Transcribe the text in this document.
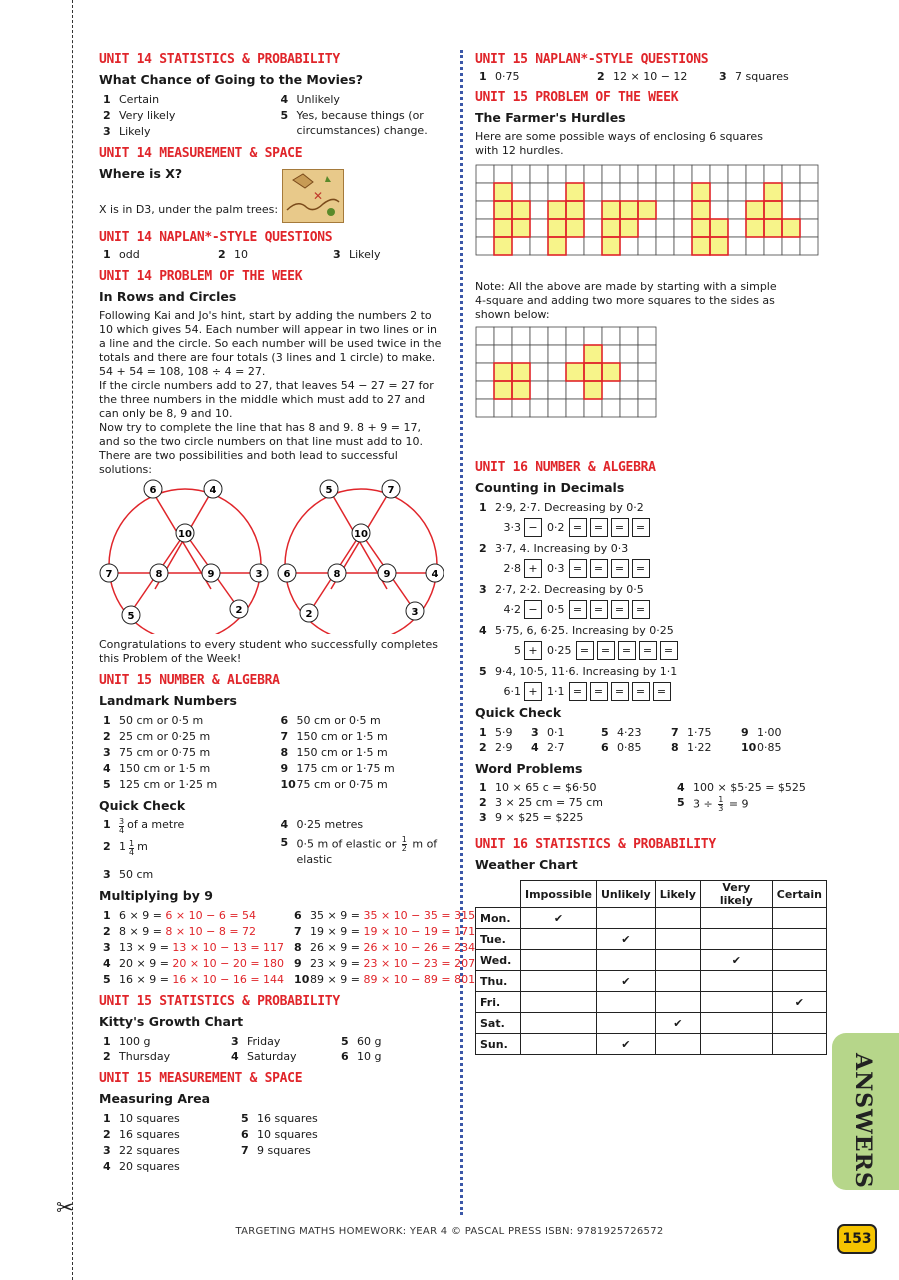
✂
UNIT 14 STATISTICS & PROBABILITY
What Chance of Going to the Movies?
1 Certain	4 Unlikely
2 Very likely	5 Yes, because things (or circumstances) change.
3 Likely
UNIT 14 MEASUREMENT & SPACE
Where is X?
X is in D3, under the palm trees:
✕
UNIT 14 NAPLAN*-STYLE QUESTIONS
1 odd	2 10	3 Likely
UNIT 14 PROBLEM OF THE WEEK
In Rows and Circles

Following Kai and Jo's hint, start by adding the numbers 2 to 10 which gives 54. Each number will appear in two lines or in a line and the circle. So each number will be used twice in the totals and there are four totals (3 lines and 1 circle) to make. 54 + 54 = 108, 108 ÷ 4 = 27.

If the circle numbers add to 27, that leaves 54 − 27 = 27 for the three numbers in the middle which must add to 27 and can only be 8, 9 and 10.

Now try to complete the line that has 8 and 9. 8 + 9 = 17, and so the two circle numbers on that line must add to 10. There are two possibilities and both lead to successful solutions:

6	4
10
7	8	9	3
5
2
5	7
10
6	8	9	4
2	3

Congratulations to every student who successfully completes this Problem of the Week!

UNIT 15 NUMBER & ALGEBRA
Landmark Numbers
1 50 cm or 0·5 m	6 50 cm or 0·5 m
2 25 cm or 0·25 m	7 150 cm or 1·5 m
3 75 cm or 0·75 m	8 150 cm or 1·5 m
4 150 cm or 1·5 m	9 175 cm or 1·75 m
5 125 cm or 1·25 m	10 75 cm or 0·75 m
Quick Check
1	$\frac{3}{4}$ of a metre	4 0·25 metres
2 $1 \frac{1}{4}$ m	5 0·5 m of elastic or $\frac{1}{2}$ m of elastic
3 50 cm
Multiplying by 9
1 6 × 9 = 6 × 10 − 6 = 54	6 35 × 9 = 35 × 10 − 35 = 315
2 8 × 9 = 8 × 10 − 8 = 72	7 19 × 9 = 19 × 10 − 19 = 171
3 13 × 9 = 13 × 10 − 13 = 117 8 26 × 9 = 26 × 10 − 26 = 234
4 20 × 9 = 20 × 10 − 20 = 180 9 23 × 9 = 23 × 10 − 23 = 207
5 16 × 9 = 16 × 10 − 16 = 144 10 89 × 9 = 89 × 10 − 89 = 801
UNIT 15 STATISTICS & PROBABILITY
Kitty's Growth Chart
1 100 g	3 Friday	5 60 g
2 Thursday	4 Saturday	6 10 g
UNIT 15 MEASUREMENT & SPACE
Measuring Area
1 10 squares	5 16 squares
2 16 squares	6 10 squares
3 22 squares	7 9 squares
4 20 squares
UNIT 15 NAPLAN*-STYLE QUESTIONS
1 0·75	2 12 × 10 − 12	3 7 squares
UNIT 15 PROBLEM OF THE WEEK
The Farmer's Hurdles

Here are some possible ways of enclosing 6 squares with 12 hurdles.

Note: All the above are made by starting with a simple 4-square and adding two more squares to the sides as shown below:

UNIT 16 NUMBER & ALGEBRA
Counting in Decimals
1 2·9, 2·7. Decreasing by 0·2
3·3 − 0·2 =	=	=	=
2 3·7, 4. Increasing by 0·3
2·8 + 0·3 =	=	=	=
3 2·7, 2·2. Decreasing by 0·5
4·2 − 0·5 =	=	=	=
4 5·75, 6, 6·25. Increasing by 0·25
5 + 0·25 =	=	=	=	=
5 9·4, 10·5, 11·6. Increasing by 1·1
6·1 + 1·1 =	=	=	=	=
Quick Check
1 5·9	3 0·1	5 4·23	7 1·75	9 1·00
2 2·9	4 2·7	6 0·85	8 1·22	10 0·85
Word Problems
1 10 × 65 c = $6·50	4 100 × $5·25 = $525
2 3 × 25 cm = 75 cm	5 $3 \div \frac{1}{3} = 9$
3 9 × $25 = $225
UNIT 16 STATISTICS & PROBABILITY
Weather Chart
	Impossible	Unlikely	Likely	Very likely	Certain
Mon.	✔				
Tue.		✔			
Wed.				✔	
Thu.		✔			
Fri.					✔
Sat.			✔		
Sun.		✔			
ANSWERS
TARGETING MATHS HOMEWORK: YEAR 4 © PASCAL PRESS ISBN: 9781925726572	153
